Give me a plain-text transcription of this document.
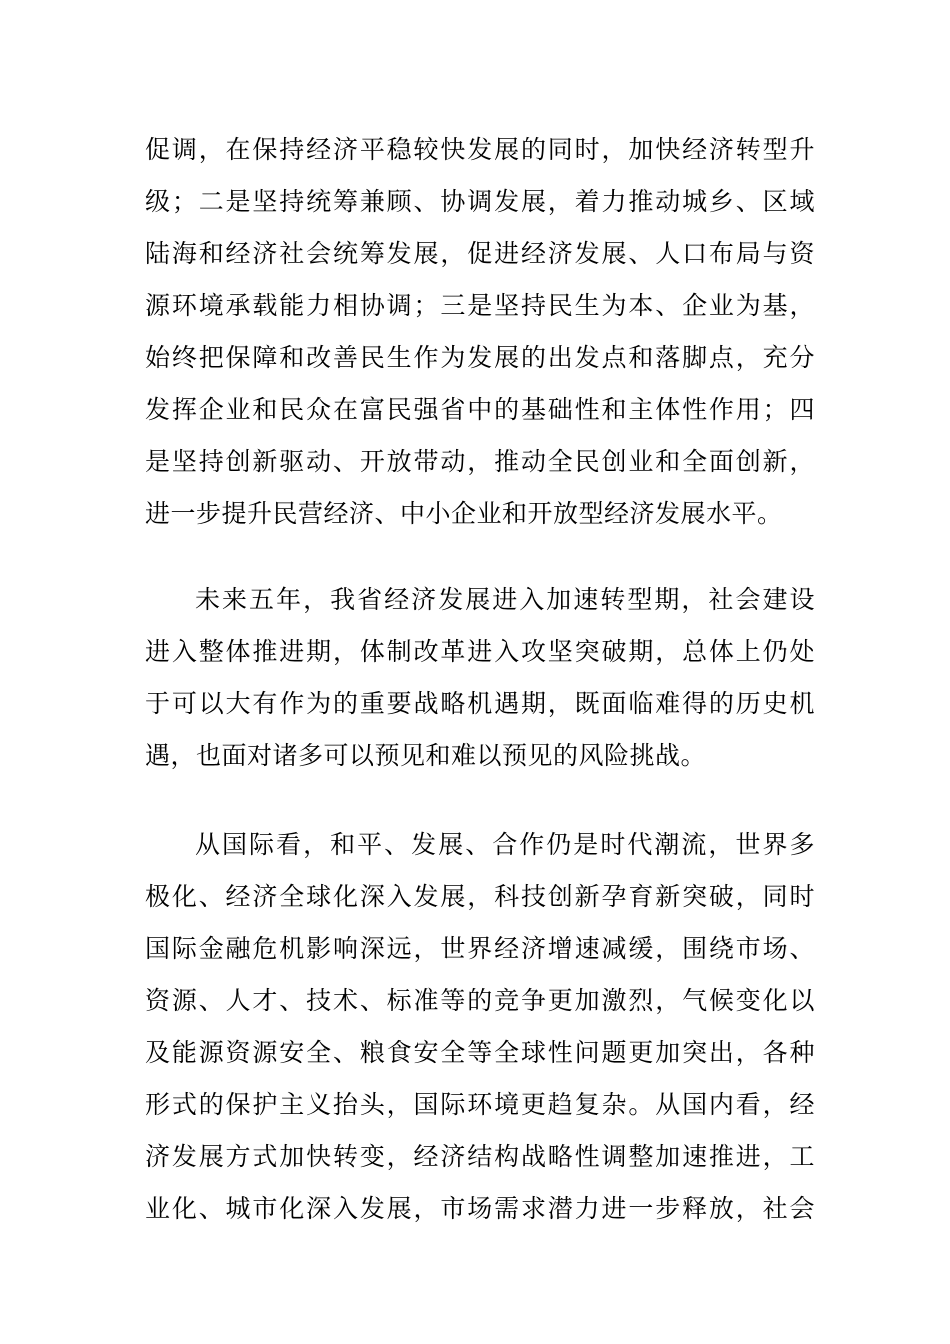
促调，在保持经济平稳较快发展的同时，加快经济转型升
级；二是坚持统筹兼顾、协调发展，着力推动城乡、区域
陆海和经济社会统筹发展，促进经济发展、人口布局与资
源环境承载能力相协调；三是坚持民生为本、企业为基，
始终把保障和改善民生作为发展的出发点和落脚点，充分
发挥企业和民众在富民强省中的基础性和主体性作用；四
是坚持创新驱动、开放带动，推动全民创业和全面创新，
进一步提升民营经济、中小企业和开放型经济发展水平。
未来五年，我省经济发展进入加速转型期，社会建设
进入整体推进期，体制改革进入攻坚突破期，总体上仍处
于可以大有作为的重要战略机遇期，既面临难得的历史机
遇，也面对诸多可以预见和难以预见的风险挑战。
从国际看，和平、发展、合作仍是时代潮流，世界多
极化、经济全球化深入发展，科技创新孕育新突破，同时
国际金融危机影响深远，世界经济增速减缓，围绕市场、
资源、人才、技术、标准等的竞争更加激烈，气候变化以
及能源资源安全、粮食安全等全球性问题更加突出，各种
形式的保护主义抬头，国际环境更趋复杂。从国内看，经
济发展方式加快转变，经济结构战略性调整加速推进，工
业化、城市化深入发展，市场需求潜力进一步释放，社会
